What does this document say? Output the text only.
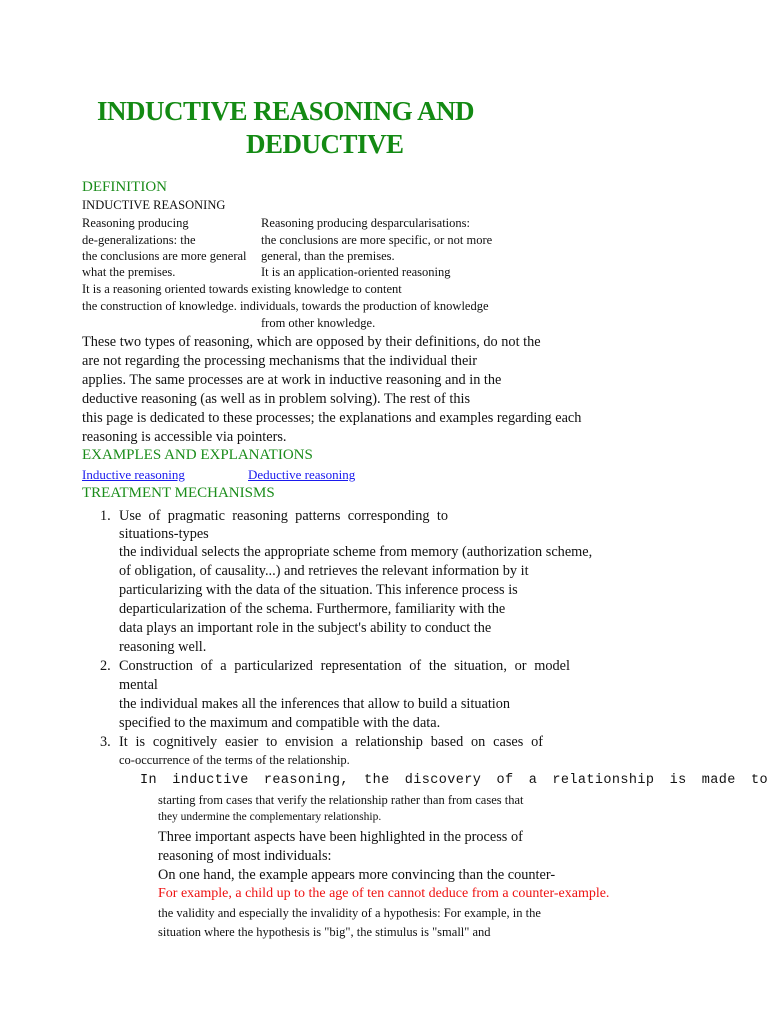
INDUCTIVE REASONING AND
DEDUCTIVE
DEFINITION
INDUCTIVE REASONING
Reasoning producing
de-generalizations: the
the conclusions are more general
what the premises.
Reasoning producing desparcularisations:
the conclusions are more specific, or not more
general, than the premises.
It is an application-oriented reasoning
It is a reasoning oriented towards existing knowledge to content
the construction of knowledge. individuals, towards the production of knowledge
from other knowledge.
These two types of reasoning, which are opposed by their definitions, do not the
are not regarding the processing mechanisms that the individual their
applies. The same processes are at work in inductive reasoning and in the
deductive reasoning (as well as in problem solving). The rest of this
this page is dedicated to these processes; the explanations and examples regarding each
reasoning is accessible via pointers.
EXAMPLES AND EXPLANATIONS
Inductive reasoning	Deductive reasoning
TREATMENT MECHANISMS
1. Use of pragmatic reasoning patterns corresponding to
situations-types
the individual selects the appropriate scheme from memory (authorization scheme,
of obligation, of causality...) and retrieves the relevant information by it
particularizing with the data of the situation. This inference process is
departicularization of the schema. Furthermore, familiarity with the
data plays an important role in the subject's ability to conduct the
reasoning well.
2. Construction of a particularized representation of the situation, or model
mental
the individual makes all the inferences that allow to build a situation
specified to the maximum and compatible with the data.
3. It is cognitively easier to envision a relationship based on cases of
co-occurrence of the terms of the relationship.
In inductive reasoning, the discovery of a relationship is made to
starting from cases that verify the relationship rather than from cases that
they undermine the complementary relationship.
Three important aspects have been highlighted in the process of
reasoning of most individuals:
On one hand, the example appears more convincing than the counter-
For example, a child up to the age of ten cannot deduce from a counter-example.
the validity and especially the invalidity of a hypothesis: For example, in the
situation where the hypothesis is "big", the stimulus is "small" and
